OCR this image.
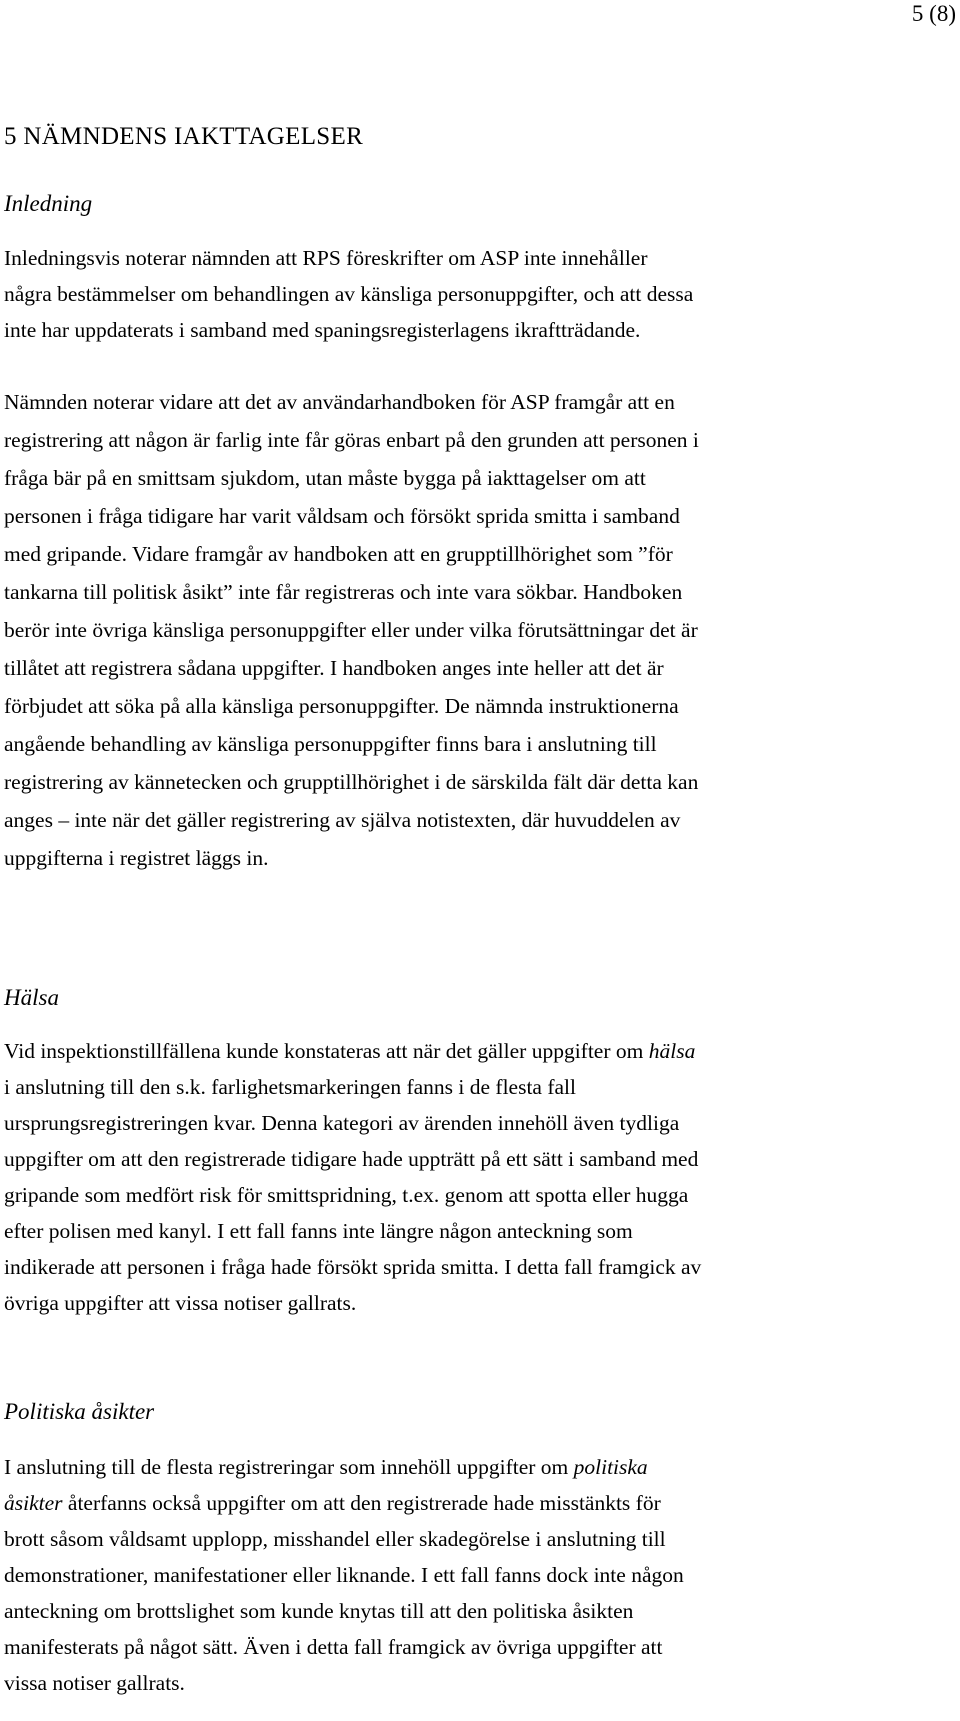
5 (8)
5 NÄMNDENS IAKTTAGELSER
Inledning
Inledningsvis noterar nämnden att RPS föreskrifter om ASP inte innehåller
några bestämmelser om behandlingen av känsliga personuppgifter, och att dessa
inte har uppdaterats i samband med spaningsregisterlagens ikraftträdande.
Nämnden noterar vidare att det av användarhandboken för ASP framgår att en
registrering att någon är farlig inte får göras enbart på den grunden att personen i
fråga bär på en smittsam sjukdom, utan måste bygga på iakttagelser om att
personen i fråga tidigare har varit våldsam och försökt sprida smitta i samband
med gripande. Vidare framgår av handboken att en grupptillhörighet som ”för
tankarna till politisk åsikt” inte får registreras och inte vara sökbar. Handboken
berör inte övriga känsliga personuppgifter eller under vilka förutsättningar det är
tillåtet att registrera sådana uppgifter. I handboken anges inte heller att det är
förbjudet att söka på alla känsliga personuppgifter. De nämnda instruktionerna
angående behandling av känsliga personuppgifter finns bara i anslutning till
registrering av kännetecken och grupptillhörighet i de särskilda fält där detta kan
anges – inte när det gäller registrering av själva notistexten, där huvuddelen av
uppgifterna i registret läggs in.
Hälsa
Vid inspektionstillfällena kunde konstateras att när det gäller uppgifter om hälsa
i anslutning till den s.k. farlighetsmarkeringen fanns i de flesta fall
ursprungsregistreringen kvar. Denna kategori av ärenden innehöll även tydliga
uppgifter om att den registrerade tidigare hade uppträtt på ett sätt i samband med
gripande som medfört risk för smittspridning, t.ex. genom att spotta eller hugga
efter polisen med kanyl. I ett fall fanns inte längre någon anteckning som
indikerade att personen i fråga hade försökt sprida smitta. I detta fall framgick av
övriga uppgifter att vissa notiser gallrats.
Politiska åsikter
I anslutning till de flesta registreringar som innehöll uppgifter om politiska
åsikter återfanns också uppgifter om att den registrerade hade misstänkts för
brott såsom våldsamt upplopp, misshandel eller skadegörelse i anslutning till
demonstrationer, manifestationer eller liknande. I ett fall fanns dock inte någon
anteckning om brottslighet som kunde knytas till att den politiska åsikten
manifesterats på något sätt. Även i detta fall framgick av övriga uppgifter att
vissa notiser gallrats.
